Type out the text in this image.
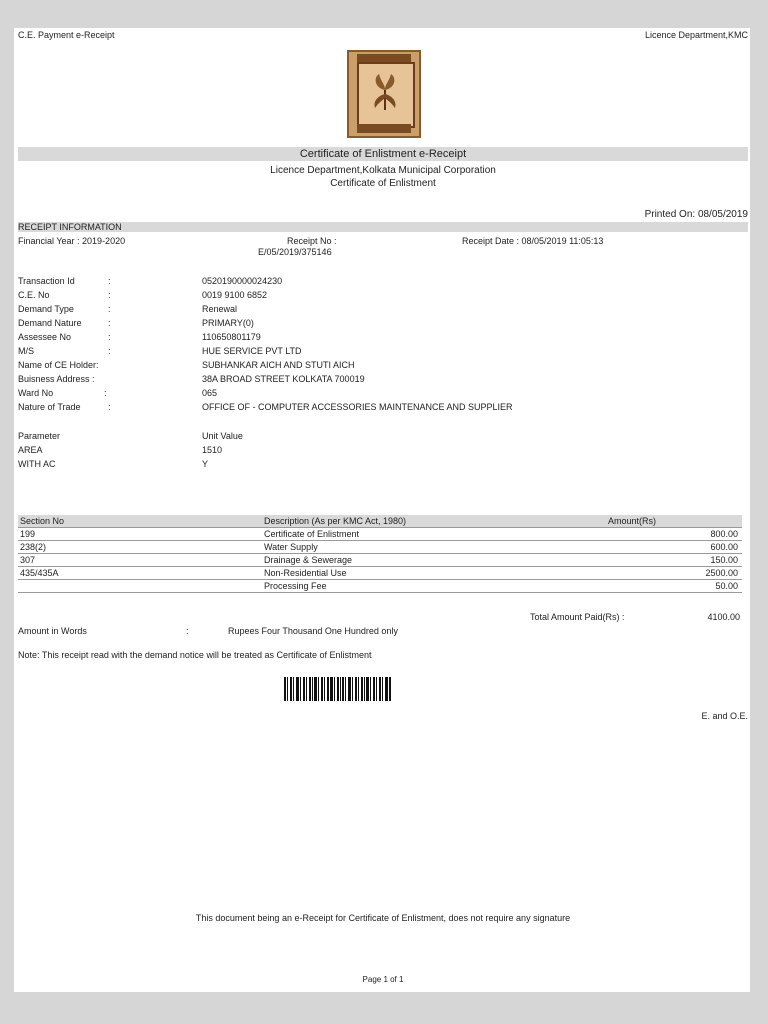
C.E. Payment e-Receipt	Licence Department,KMC
Certificate of Enlistment e-Receipt
Licence Department,Kolkata Municipal Corporation
Certificate of Enlistment
Printed On: 08/05/2019
RECEIPT INFORMATION
Financial Year : 2019-2020	Receipt No :
E/05/2019/375146
Receipt Date : 08/05/2019 11:05:13
Transaction Id	:	0520190000024230
C.E. No	:	0019 9100 6852
Demand Type	:	Renewal
Demand Nature	:	PRIMARY(0)
Assessee No	:	110650801179
M/S	:	HUE SERVICE PVT LTD
Name of CE Holder:	SUBHANKAR AICH AND STUTI AICH
Buisness Address :	38A BROAD STREET KOLKATA 700019
Ward No	:	065
Nature of Trade	:	OFFICE OF - COMPUTER ACCESSORIES MAINTENANCE AND SUPPLIER
Parameter	Unit Value
AREA	1510
WITH AC	Y
Section No	Description (As per KMC Act, 1980)	Amount(Rs)
199	Certificate of Enlistment	800.00
238(2)	Water Supply	600.00
307	Drainage & Sewerage	150.00
435/435A	Non-Residential Use	2500.00
	Processing Fee	50.00
Total Amount Paid(Rs) :	4100.00
Amount in Words	:	Rupees Four Thousand One Hundred only
Note: This receipt read with the demand notice will be treated as Certificate of Enlistment
E. and O.E.
This document being an e-Receipt for Certificate of Enlistment, does not require any signature
Page 1 of 1
